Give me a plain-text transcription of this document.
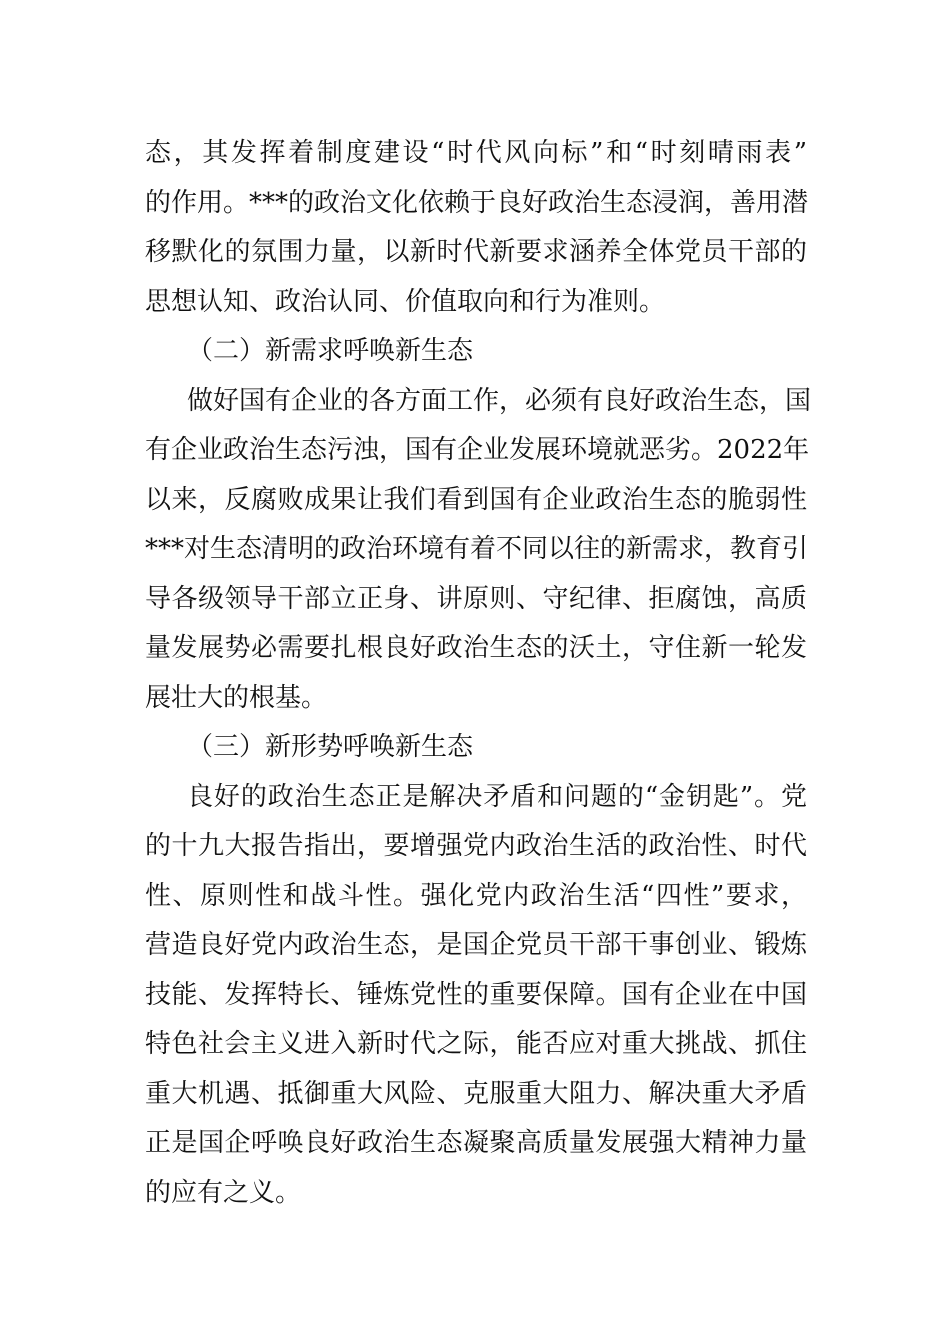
态，其发挥着制度建设“时代风向标”和“时刻晴雨表”
的作用。***的政治文化依赖于良好政治生态浸润，善用潜
移默化的氛围力量，以新时代新要求涵养全体党员干部的
思想认知、政治认同、价值取向和行为准则。
（二）新需求呼唤新生态
做好国有企业的各方面工作，必须有良好政治生态，国
有企业政治生态污浊，国有企业发展环境就恶劣。2022年
以来，反腐败成果让我们看到国有企业政治生态的脆弱性
***对生态清明的政治环境有着不同以往的新需求，教育引
导各级领导干部立正身、讲原则、守纪律、拒腐蚀，高质
量发展势必需要扎根良好政治生态的沃土，守住新一轮发
展壮大的根基。
（三）新形势呼唤新生态
良好的政治生态正是解决矛盾和问题的“金钥匙”。党
的十九大报告指出，要增强党内政治生活的政治性、时代
性、原则性和战斗性。强化党内政治生活“四性”要求，
营造良好党内政治生态，是国企党员干部干事创业、锻炼
技能、发挥特长、锤炼党性的重要保障。国有企业在中国
特色社会主义进入新时代之际，能否应对重大挑战、抓住
重大机遇、抵御重大风险、克服重大阻力、解决重大矛盾
正是国企呼唤良好政治生态凝聚高质量发展强大精神力量
的应有之义。
